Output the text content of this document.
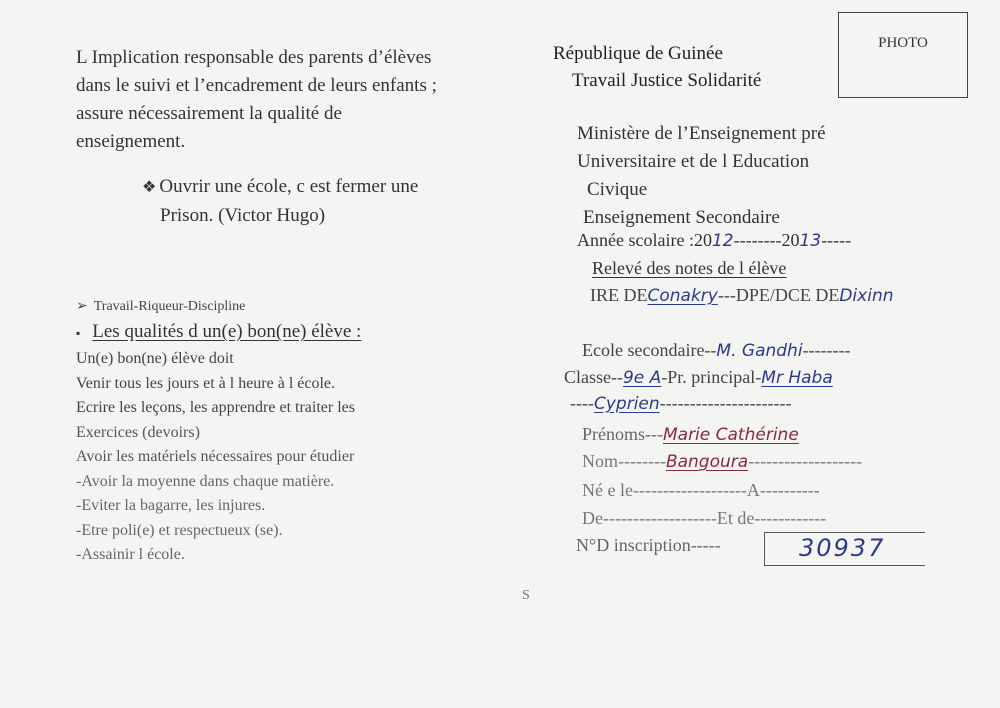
L Implication responsable des parents d’élèves
dans le suivi et l’encadrement de leurs enfants ;
assure nécessairement la qualité de
enseignement.
❖ Ouvrir une école, c est fermer une
Prison. (Victor Hugo)
➢ Travail-Riqueur-Discipline
▪ Les qualités d un(e) bon(ne) élève :
Un(e) bon(ne) élève doit
Venir tous les jours et à l heure à l école.
Ecrire les leçons, les apprendre et traiter les
Exercices (devoirs)
Avoir les matériels nécessaires pour étudier
-Avoir la moyenne dans chaque matière.
-Eviter la bagarre, les injures.
-Etre poli(e) et respectueux (se).
-Assainir l école.
République de Guinée
Travail Justice Solidarité
PHOTO
Ministère de l’Enseignement pré
Universitaire et de l Education
Civique
Enseignement Secondaire
Année scolaire :2012--------2013-----
Relevé des notes de l élève
IRE DEConakry---DPE/DCE DEDixinn
Ecole secondaire--M. Gandhi--------
Classe--9e A-Pr. principal-Mr Haba
----Cyprien----------------------
Prénoms---Marie Cathérine
Nom--------Bangoura-------------------
Né e le-------------------A----------
De-------------------Et de------------
N°D inscription-----	30937
S
